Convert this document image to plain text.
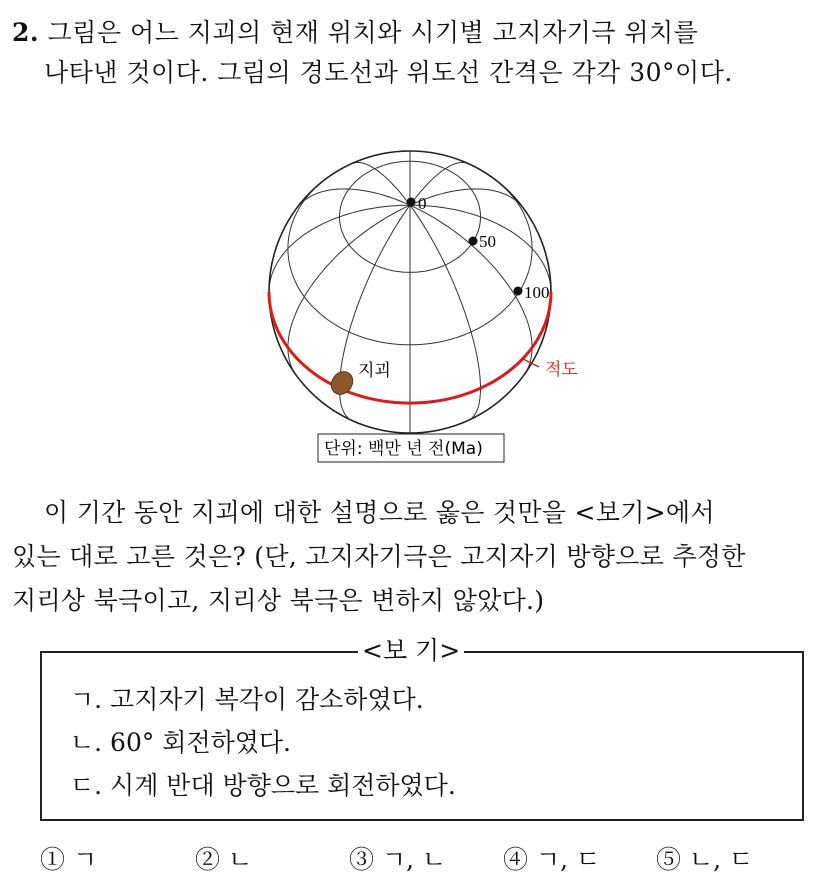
2. 그림은 어느 지괴의 현재 위치와 시기별 고지자기극 위치를
나타낸 것이다. 그림의 경도선과 위도선 간격은 각각 30°이다.
적도
0
50
100
지괴
단위: 백만 년 전(Ma)
이 기간 동안 지괴에 대한 설명으로 옳은 것만을 <보기>에서
있는 대로 고른 것은? (단, 고지자기극은 고지자기 방향으로 추정한
지리상 북극이고, 지리상 북극은 변하지 않았다.)
<보 기>
ㄱ. 고지자기 복각이 감소하였다.
ㄴ. 60° 회전하였다.
ㄷ. 시계 반대 방향으로 회전하였다.
① ㄱ	② ㄴ	③ ㄱ, ㄴ ④ ㄱ, ㄷ ⑤ ㄴ, ㄷ
